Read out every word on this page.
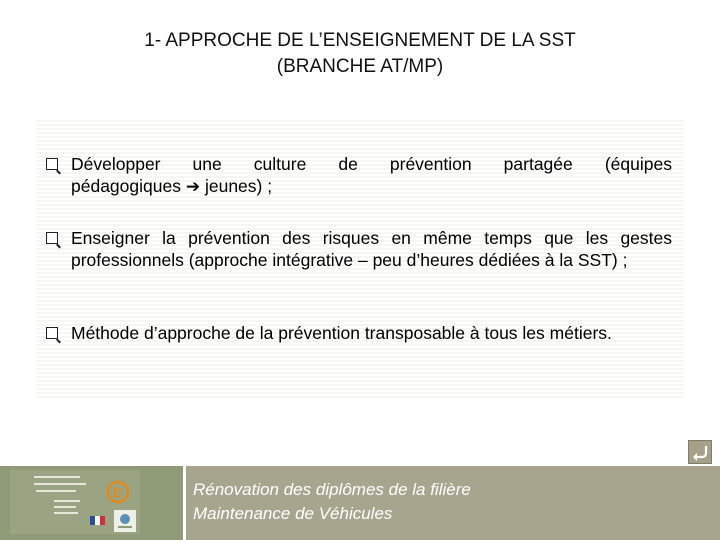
1- APPROCHE DE L’ENSEIGNEMENT DE LA SST
(BRANCHE AT/MP)
Développer une culture de prévention partagée (équipes
pédagogiques ➔ jeunes) ;
Enseigner la prévention des risques en même temps que les gestes professionnels (approche intégrative – peu d’heures dédiées à la SST) ;
Méthode d’approche de la prévention transposable à tous les métiers.
É	Rénovation des diplômes de la filière
Maintenance de Véhicules
